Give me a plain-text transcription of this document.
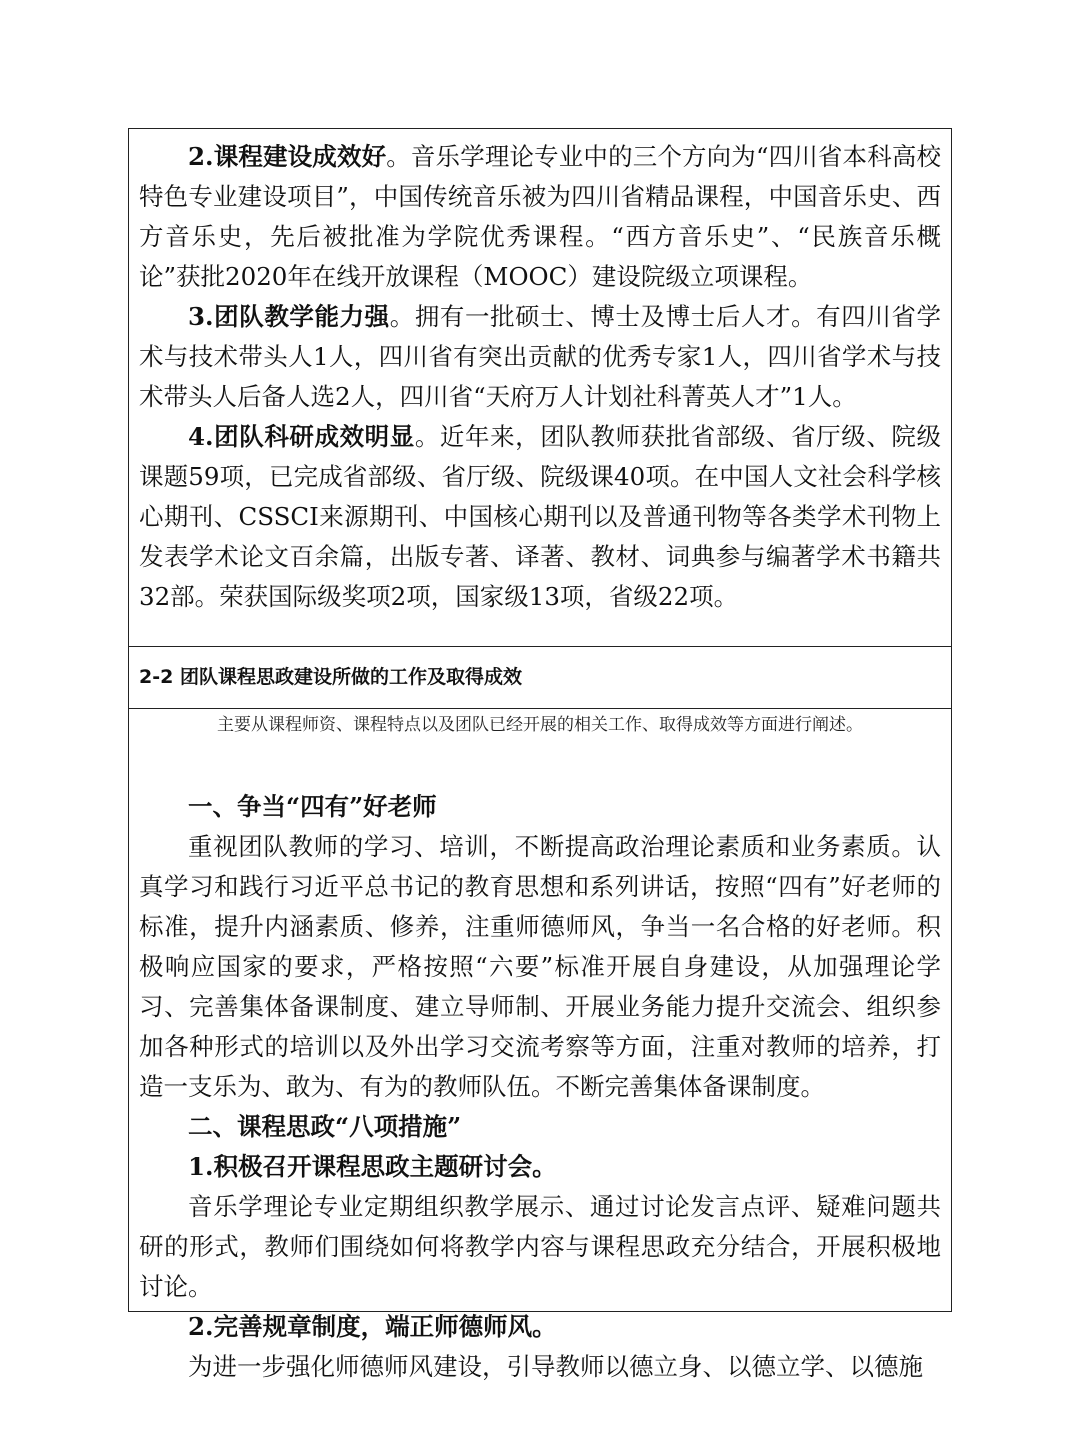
2.课程建设成效好。音乐学理论专业中的三个方向为“四川省本科高校特色专业建设项目”，中国传统音乐被为四川省精品课程，中国音乐史、西方音乐史，先后被批准为学院优秀课程。“西方音乐史”、“民族音乐概论”获批2020年在线开放课程（MOOC）建设院级立项课程。

3.团队教学能力强。拥有一批硕士、博士及博士后人才。有四川省学术与技术带头人1人，四川省有突出贡献的优秀专家1人，四川省学术与技术带头人后备人选2人，四川省“天府万人计划社科菁英人才”1人。

4.团队科研成效明显。近年来，团队教师获批省部级、省厅级、院级课题59项，已完成省部级、省厅级、院级课40项。在中国人文社会科学核心期刊、CSSCI来源期刊、中国核心期刊以及普通刊物等各类学术刊物上发表学术论文百余篇，出版专著、译著、教材、词典参与编著学术书籍共32部。荣获国际级奖项2项，国家级13项，省级22项。

2-2 团队课程思政建设所做的工作及取得成效
主要从课程师资、课程特点以及团队已经开展的相关工作、取得成效等方面进行阐述。

一、争当“四有”好老师

重视团队教师的学习、培训，不断提高政治理论素质和业务素质。认真学习和践行习近平总书记的教育思想和系列讲话，按照“四有”好老师的标准，提升内涵素质、修养，注重师德师风，争当一名合格的好老师。积极响应国家的要求，严格按照“六要”标准开展自身建设，从加强理论学习、完善集体备课制度、建立导师制、开展业务能力提升交流会、组织参加各种形式的培训以及外出学习交流考察等方面，注重对教师的培养，打造一支乐为、敢为、有为的教师队伍。不断完善集体备课制度。

二、课程思政“八项措施”

1.积极召开课程思政主题研讨会。

音乐学理论专业定期组织教学展示、通过讨论发言点评、疑难问题共研的形式，教师们围绕如何将教学内容与课程思政充分结合，开展积极地讨论。

2.完善规章制度，端正师德师风。

为进一步强化师德师风建设，引导教师以德立身、以德立学、以德施
